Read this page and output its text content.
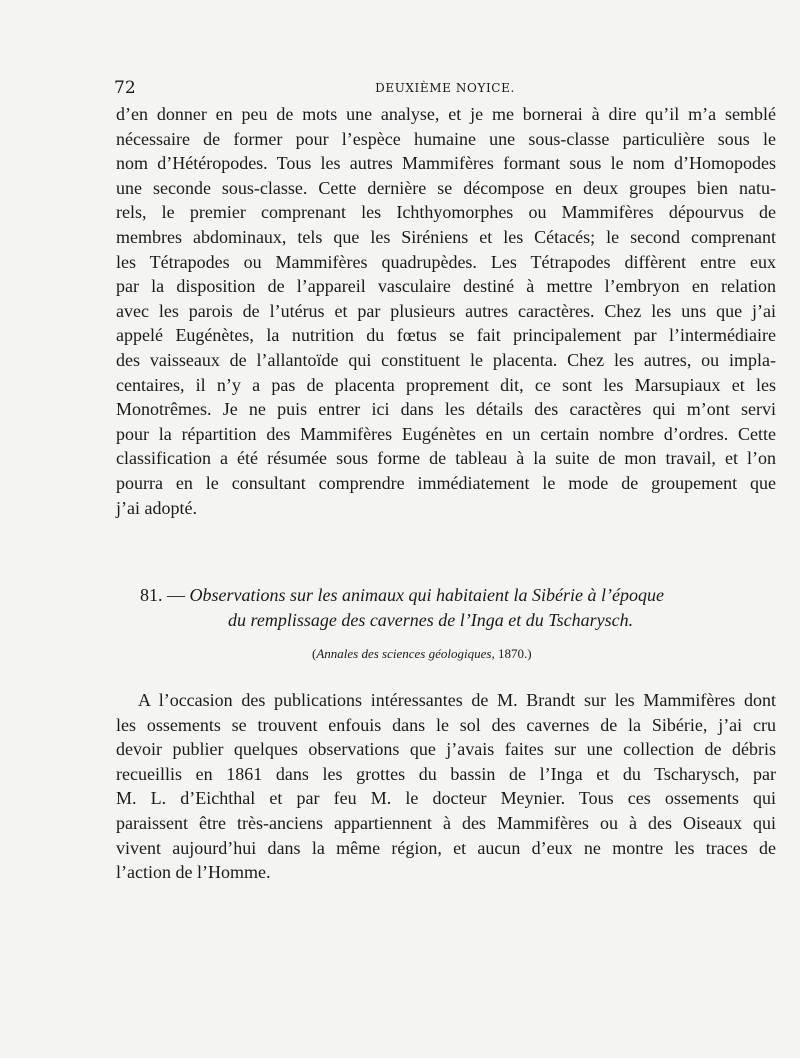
72	DEUXIÈME NOYICE.
d’en donner en peu de mots une analyse, et je me bornerai à dire qu’il m’a semblé
nécessaire de former pour l’espèce humaine une sous-classe particulière sous le
nom d’Hétéropodes. Tous les autres Mammifères formant sous le nom d’Homopodes
une seconde sous-classe. Cette dernière se décompose en deux groupes bien natu-
rels, le premier comprenant les Ichthyomorphes ou Mammifères dépourvus de
membres abdominaux, tels que les Siréniens et les Cétacés; le second comprenant
les Tétrapodes ou Mammifères quadrupèdes. Les Tétrapodes diffèrent entre eux
par la disposition de l’appareil vasculaire destiné à mettre l’embryon en relation
avec les parois de l’utérus et par plusieurs autres caractères. Chez les uns que j’ai
appelé Eugénètes, la nutrition du fœtus se fait principalement par l’intermédiaire
des vaisseaux de l’allantoïde qui constituent le placenta. Chez les autres, ou impla-
centaires, il n’y a pas de placenta proprement dit, ce sont les Marsupiaux et les
Monotrêmes. Je ne puis entrer ici dans les détails des caractères qui m’ont servi
pour la répartition des Mammifères Eugénètes en un certain nombre d’ordres. Cette
classification a été résumée sous forme de tableau à la suite de mon travail, et l’on
pourra en le consultant comprendre immédiatement le mode de groupement que
j’ai adopté.
81. — Observations sur les animaux qui habitaient la Sibérie à l’époque
du remplissage des cavernes de l’Inga et du Tscharysch.
(Annales des sciences géologiques, 1870.)
A l’occasion des publications intéressantes de M. Brandt sur les Mammifères dont
les ossements se trouvent enfouis dans le sol des cavernes de la Sibérie, j’ai cru
devoir publier quelques observations que j’avais faites sur une collection de débris
recueillis en 1861 dans les grottes du bassin de l’Inga et du Tscharysch, par
M. L. d’Eichthal et par feu M. le docteur Meynier. Tous ces ossements qui
paraissent être très-anciens appartiennent à des Mammifères ou à des Oiseaux qui
vivent aujourd’hui dans la même région, et aucun d’eux ne montre les traces de
l’action de l’Homme.
